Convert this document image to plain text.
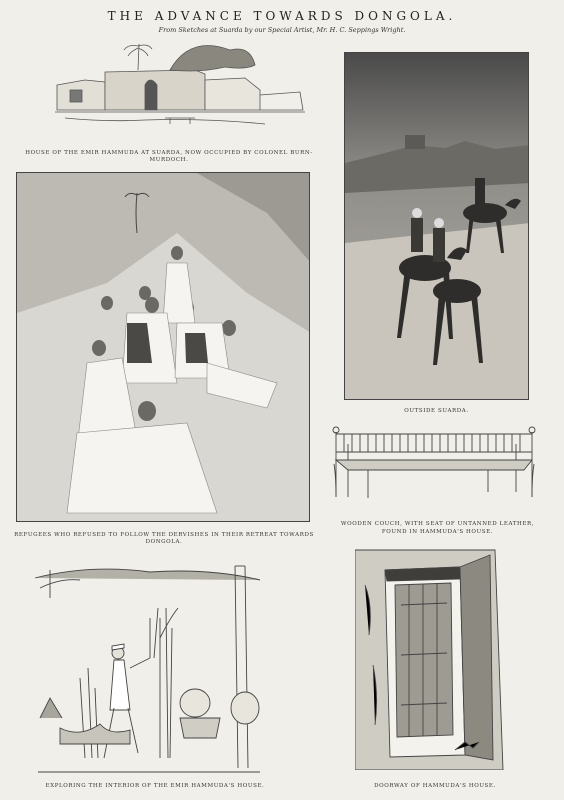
THE ADVANCE TOWARDS DONGOLA.
From Sketches at Suarda by our Special Artist, Mr. H. C. Seppings Wright.
HOUSE OF THE EMIR HAMMUDA AT SUARDA, NOW OCCUPIED BY COLONEL BURN-MURDOCH.
OUTSIDE SUARDA.
REFUGEES WHO REFUSED TO FOLLOW THE DERVISHES IN THEIR RETREAT TOWARDS DONGOLA.
WOODEN COUCH, WITH SEAT OF UNTANNED LEATHER,
FOUND IN HAMMUDA'S HOUSE.
EXPLORING THE INTERIOR OF THE EMIR HAMMUDA'S HOUSE.	DOORWAY OF HAMMUDA'S HOUSE.
